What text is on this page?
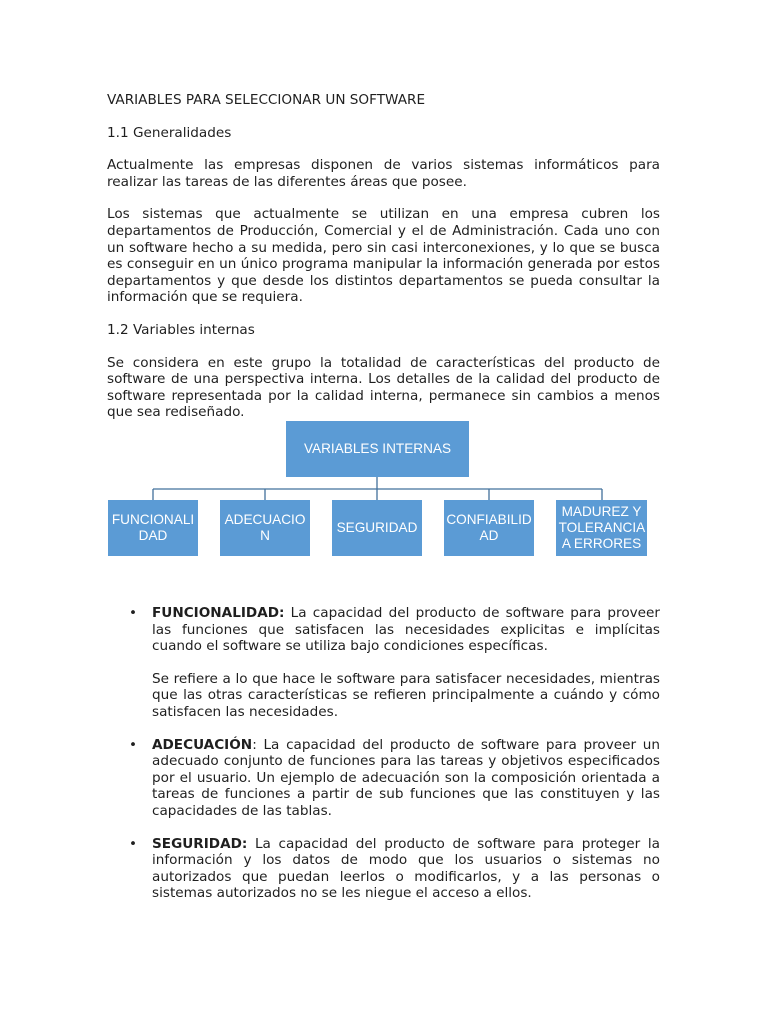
VARIABLES PARA SELECCIONAR UN SOFTWARE

1.1 Generalidades

Actualmente las empresas disponen de varios sistemas informáticos para realizar las tareas de las diferentes áreas que posee.

Los sistemas que actualmente se utilizan en una empresa cubren los departamentos de Producción, Comercial y el de Administración. Cada uno con un software hecho a su medida, pero sin casi interconexiones, y lo que se busca es conseguir en un único programa manipular la información generada por estos departamentos y que desde los distintos departamentos se pueda consultar la información que se requiera.

1.2 Variables internas

Se considera en este grupo la totalidad de características del producto de software de una perspectiva interna. Los detalles de la calidad del producto de software representada por la calidad interna, permanece sin cambios a menos que sea rediseñado.

VARIABLES INTERNAS
FUNCIONALIDAD
ADECUACION
SEGURIDAD
CONFIABILIDAD
MADUREZ Y TOLERANCIA A ERRORES
• FUNCIONALIDAD: La capacidad del producto de software para proveer las funciones que satisfacen las necesidades explicitas e implícitas cuando el software se utiliza bajo condiciones específicas.

Se refiere a lo que hace le software para satisfacer necesidades, mientras que las otras características se refieren principalmente a cuándo y cómo satisfacen las necesidades.

• ADECUACIÓN: La capacidad del producto de software para proveer un adecuado conjunto de funciones para las tareas y objetivos especificados por el usuario. Un ejemplo de adecuación son la composición orientada a tareas de funciones a partir de sub funciones que las constituyen y las capacidades de las tablas.

• SEGURIDAD: La capacidad del producto de software para proteger la información y los datos de modo que los usuarios o sistemas no autorizados que puedan leerlos o modificarlos, y a las personas o sistemas autorizados no se les niegue el acceso a ellos.
